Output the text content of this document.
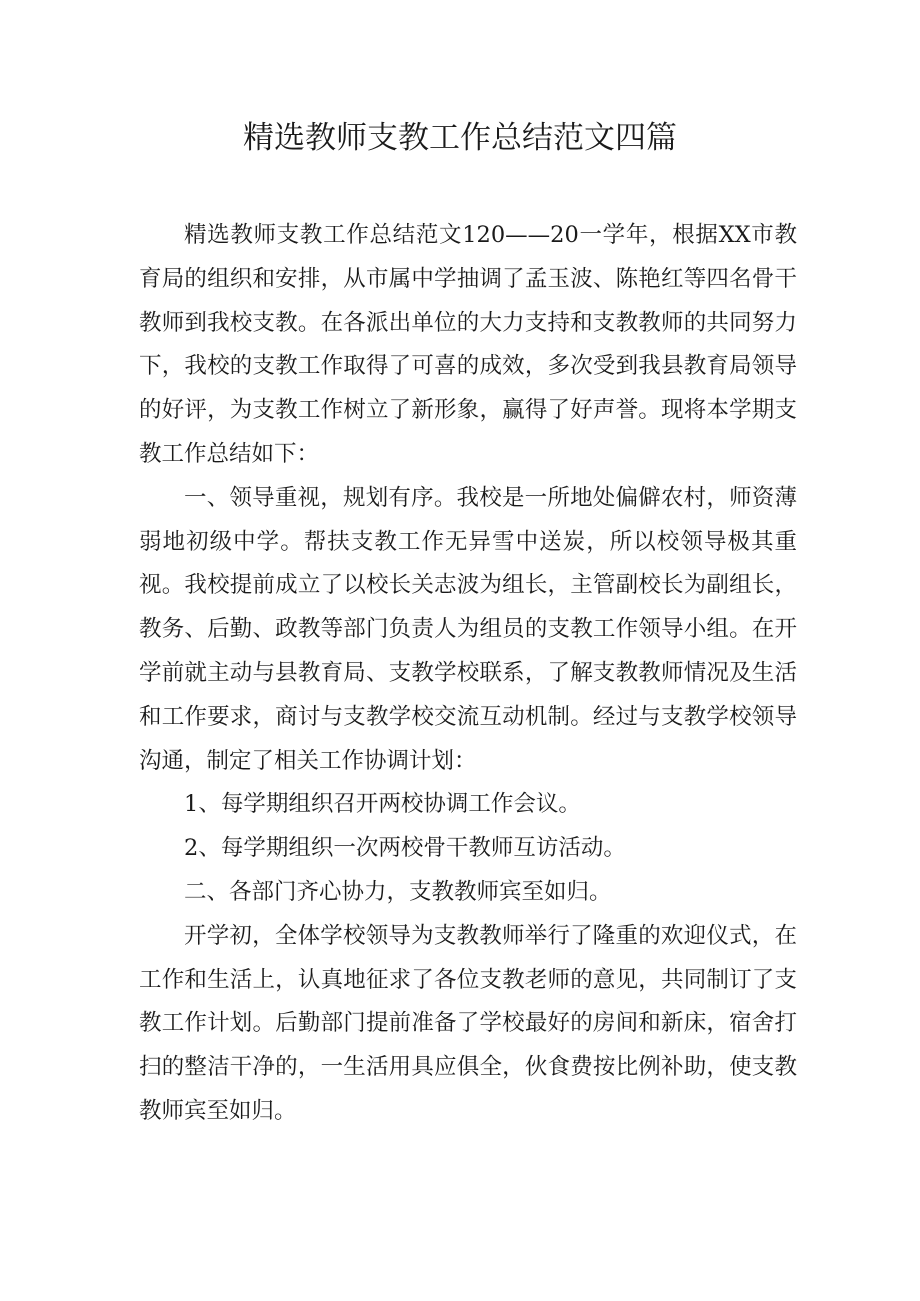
精选教师支教工作总结范文四篇

精选教师支教工作总结范文120——20一学年，根据XX市教育局的组织和安排，从市属中学抽调了孟玉波、陈艳红等四名骨干教师到我校支教。在各派出单位的大力支持和支教教师的共同努力下，我校的支教工作取得了可喜的成效，多次受到我县教育局领导的好评，为支教工作树立了新形象，赢得了好声誉。现将本学期支教工作总结如下：

一、领导重视，规划有序。我校是一所地处偏僻农村，师资薄弱地初级中学。帮扶支教工作无异雪中送炭，所以校领导极其重视。我校提前成立了以校长关志波为组长，主管副校长为副组长，教务、后勤、政教等部门负责人为组员的支教工作领导小组。在开学前就主动与县教育局、支教学校联系，了解支教教师情况及生活和工作要求，商讨与支教学校交流互动机制。经过与支教学校领导沟通，制定了相关工作协调计划：

1、每学期组织召开两校协调工作会议。

2、每学期组织一次两校骨干教师互访活动。

二、各部门齐心协力，支教教师宾至如归。

开学初，全体学校领导为支教教师举行了隆重的欢迎仪式，在工作和生活上，认真地征求了各位支教老师的意见，共同制订了支教工作计划。后勤部门提前准备了学校最好的房间和新床，宿舍打扫的整洁干净的，一生活用具应俱全，伙食费按比例补助，使支教教师宾至如归。
